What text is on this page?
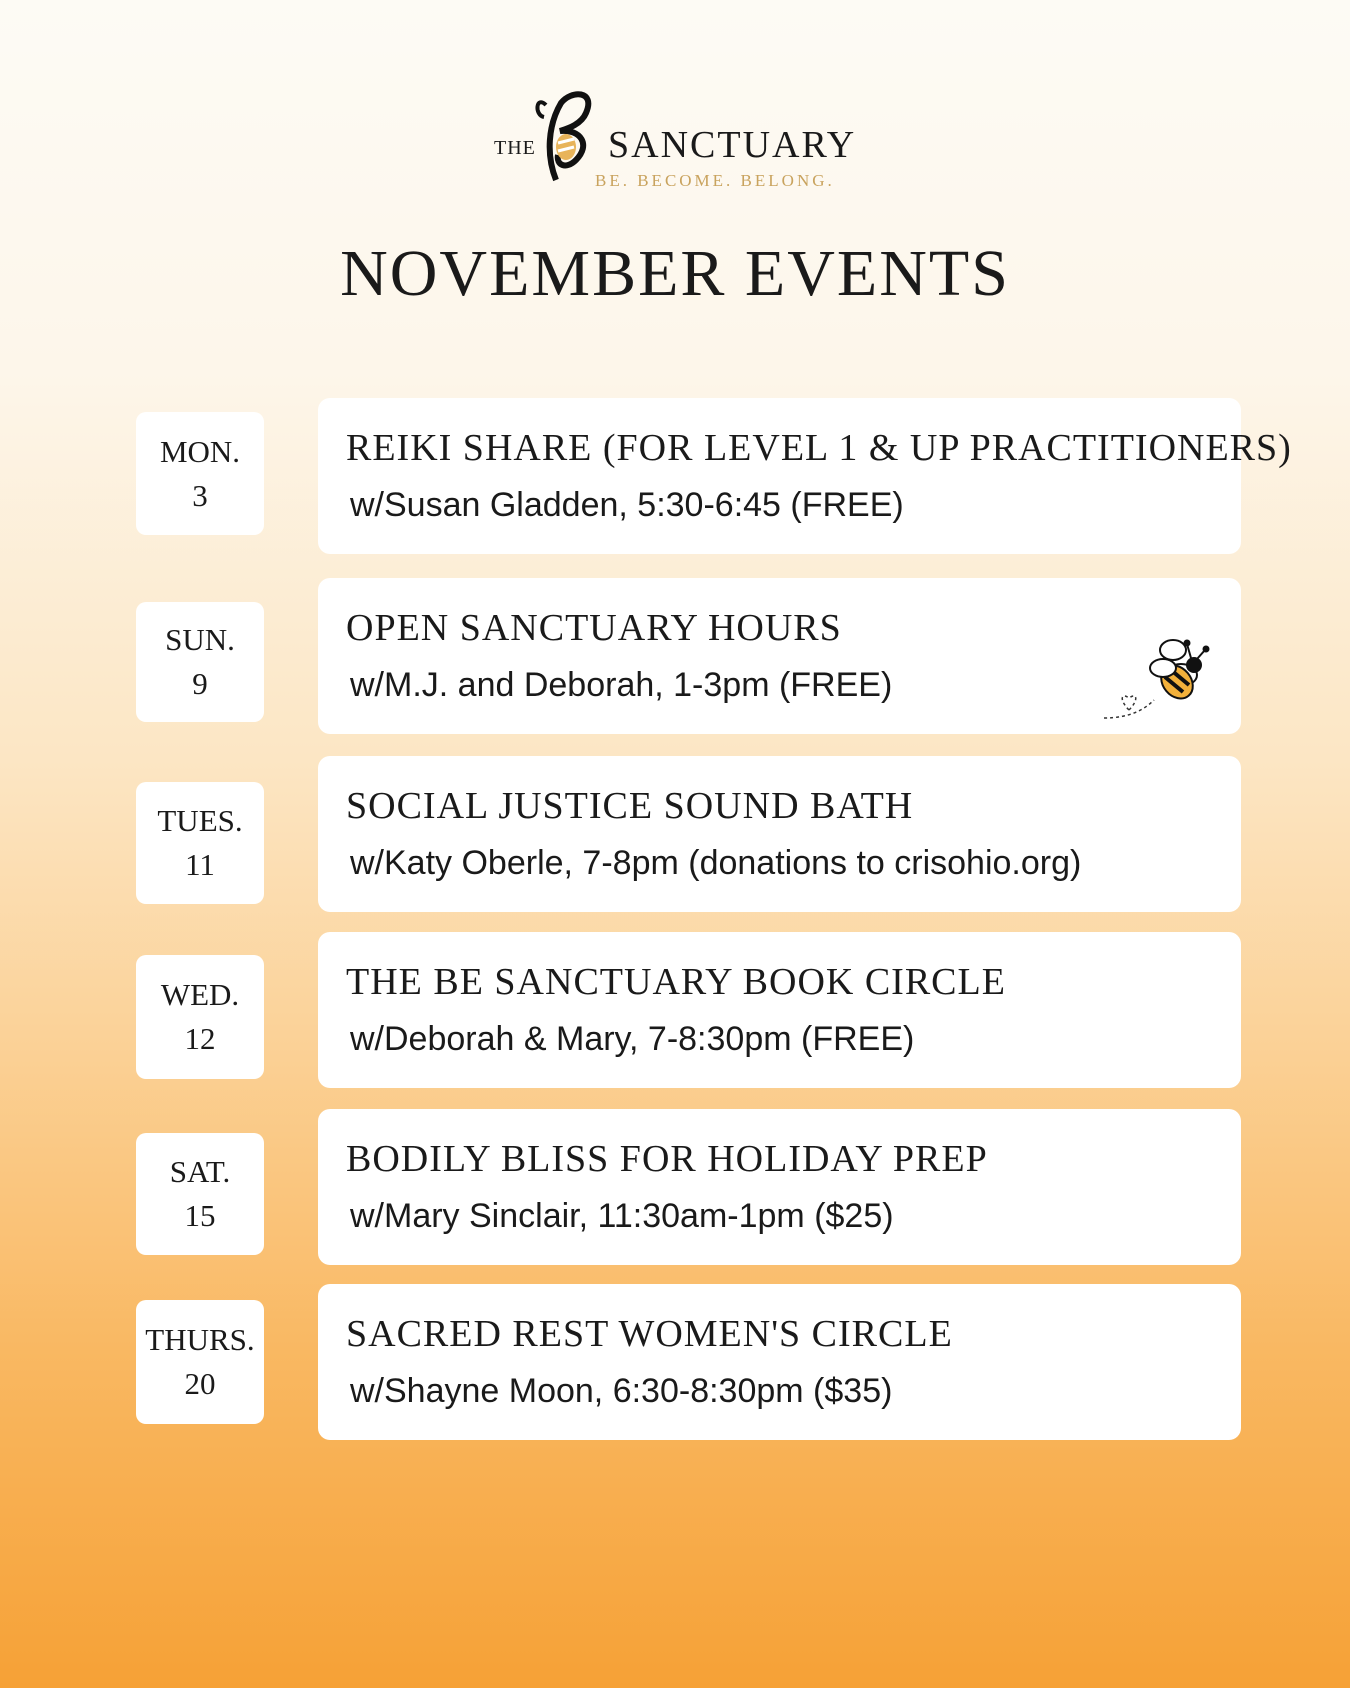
THE SANCTUARY
BE. BECOME. BELONG.
NOVEMBER EVENTS
MON.
3
REIKI SHARE (FOR LEVEL 1 & UP PRACTITIONERS)
w/Susan Gladden, 5:30-6:45 (FREE)
SUN.
9
OPEN SANCTUARY HOURS
w/M.J. and Deborah, 1-3pm (FREE)
TUES.
11
SOCIAL JUSTICE SOUND BATH
w/Katy Oberle, 7-8pm (donations to crisohio.org)
WED.
12
THE BE SANCTUARY BOOK CIRCLE
w/Deborah & Mary, 7-8:30pm (FREE)
SAT.
15
BODILY BLISS FOR HOLIDAY PREP
w/Mary Sinclair, 11:30am-1pm ($25)
THURS.
20
SACRED REST WOMEN'S CIRCLE
w/Shayne Moon, 6:30-8:30pm ($35)
